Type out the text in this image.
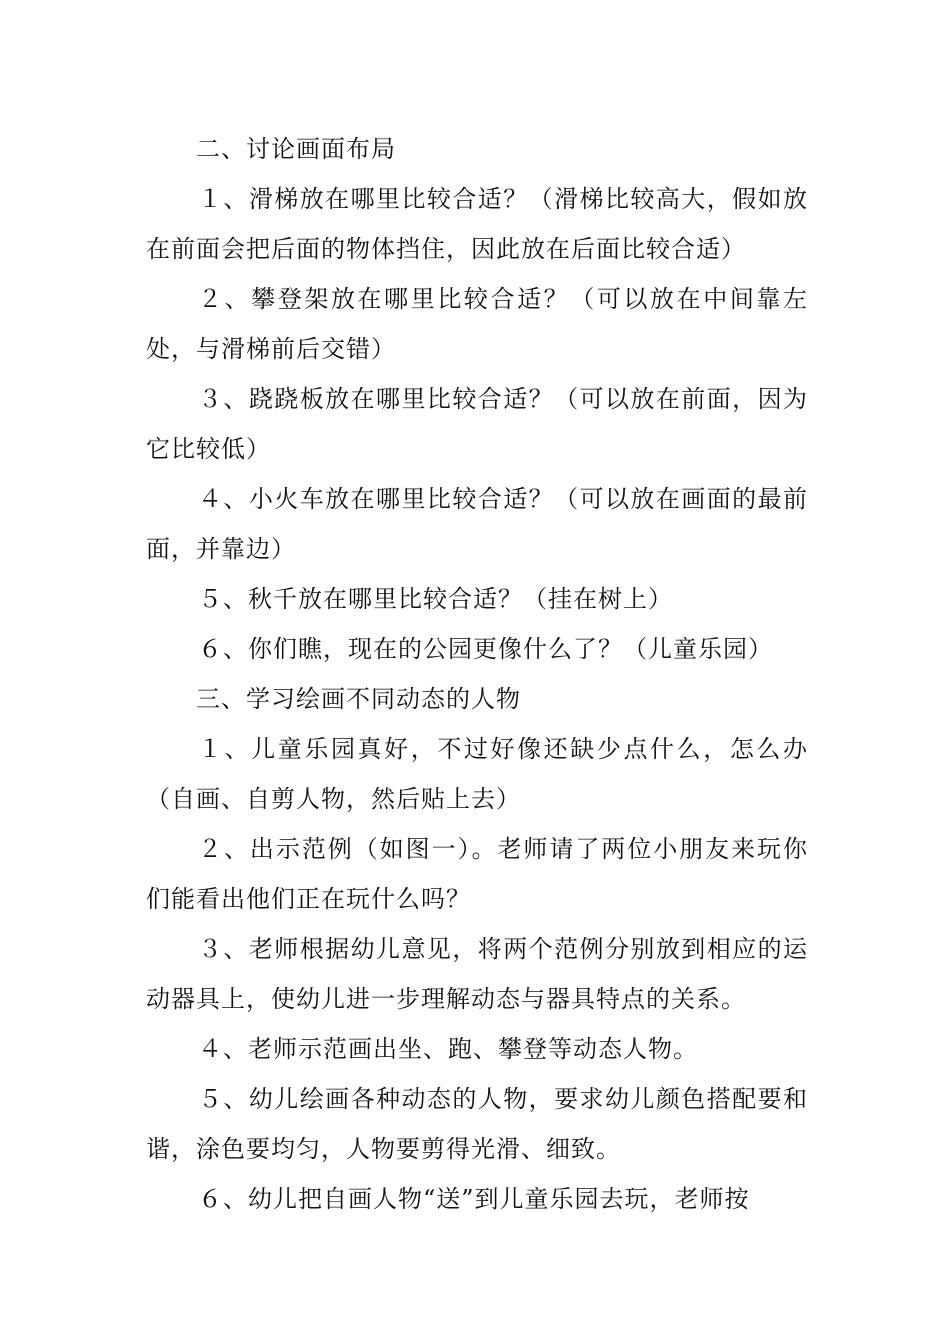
二、讨论画面布局

１、滑梯放在哪里比较合适？（滑梯比较高大，假如放在前面会把后面的物体挡住，因此放在后面比较合适）

２、攀登架放在哪里比较合适？（可以放在中间靠左处，与滑梯前后交错）

３、跷跷板放在哪里比较合适？（可以放在前面，因为它比较低）

４、小火车放在哪里比较合适？（可以放在画面的最前面，并靠边）

５、秋千放在哪里比较合适？（挂在树上）

６、你们瞧，现在的公园更像什么了？（儿童乐园）

三、学习绘画不同动态的人物

１、儿童乐园真好，不过好像还缺少点什么，怎么办（自画、自剪人物，然后贴上去）

２、出示范例（如图一）。老师请了两位小朋友来玩你们能看出他们正在玩什么吗？

３、老师根据幼儿意见，将两个范例分别放到相应的运动器具上，使幼儿进一步理解动态与器具特点的关系。

４、老师示范画出坐、跑、攀登等动态人物。

５、幼儿绘画各种动态的人物，要求幼儿颜色搭配要和谐，涂色要均匀，人物要剪得光滑、细致。

６、幼儿把自画人物“送”到儿童乐园去玩，老师按
